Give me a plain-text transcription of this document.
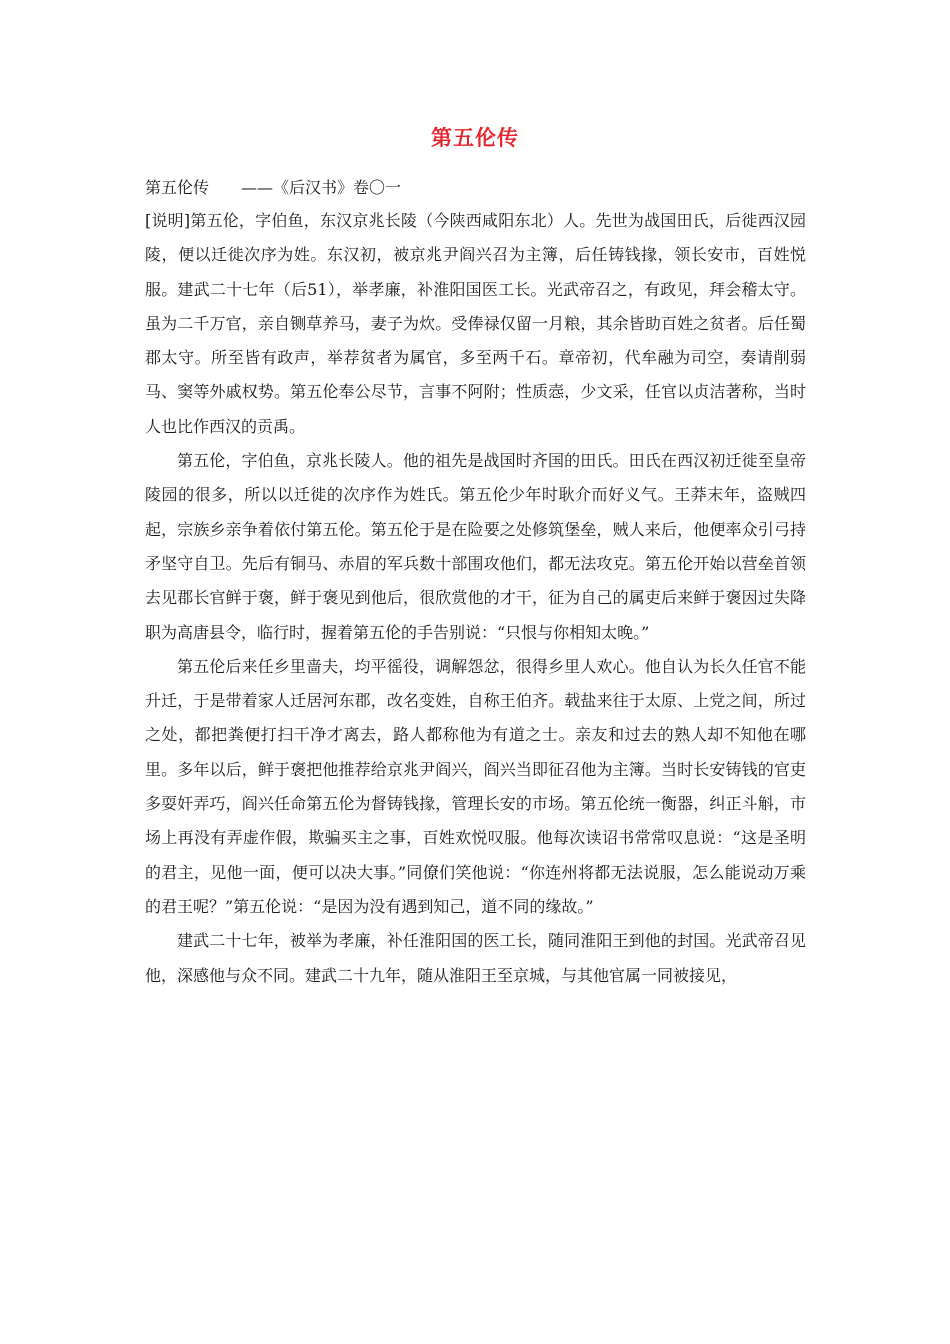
第五伦传
第五伦传　　——《后汉书》卷〇一

[说明]第五伦，字伯鱼，东汉京兆长陵（今陕西咸阳东北）人。先世为战国田氏，后徙西汉园陵，便以迁徙次序为姓。东汉初，被京兆尹阎兴召为主簿，后任铸钱掾，领长安市，百姓悦服。建武二十七年（后51），举孝廉，补淮阳国医工长。光武帝召之，有政见，拜会稽太守。虽为二千万官，亲自铡草养马，妻子为炊。受俸禄仅留一月粮，其余皆助百姓之贫者。后任蜀郡太守。所至皆有政声，举荐贫者为属官，多至两千石。章帝初，代牟融为司空，奏请削弱马、窦等外戚权势。第五伦奉公尽节，言事不阿附；性质悫，少文采，任官以贞洁著称，当时人也比作西汉的贡禹。

第五伦，字伯鱼，京兆长陵人。他的祖先是战国时齐国的田氏。田氏在西汉初迁徙至皇帝陵园的很多，所以以迁徙的次序作为姓氏。第五伦少年时耿介而好义气。王莽末年，盗贼四起，宗族乡亲争着依付第五伦。第五伦于是在险要之处修筑堡垒，贼人来后，他便率众引弓持矛坚守自卫。先后有铜马、赤眉的军兵数十部围攻他们，都无法攻克。第五伦开始以营垒首领去见郡长官鲜于褒，鲜于褒见到他后，很欣赏他的才干，征为自己的属吏后来鲜于褒因过失降职为高唐县令，临行时，握着第五伦的手告别说：“只恨与你相知太晚。”

第五伦后来任乡里啬夫，均平徭役，调解怨忿，很得乡里人欢心。他自认为长久任官不能升迁，于是带着家人迁居河东郡，改名变姓，自称王伯齐。载盐来往于太原、上党之间，所过之处，都把粪便打扫干净才离去，路人都称他为有道之士。亲友和过去的熟人却不知他在哪里。多年以后，鲜于褒把他推荐给京兆尹阎兴，阎兴当即征召他为主簿。当时长安铸钱的官吏多耍奸弄巧，阎兴任命第五伦为督铸钱掾，管理长安的市场。第五伦统一衡器，纠正斗斛，市场上再没有弄虚作假，欺骗买主之事，百姓欢悦叹服。他每次读诏书常常叹息说：“这是圣明的君主，见他一面，便可以决大事。”同僚们笑他说：“你连州将都无法说服，怎么能说动万乘的君王呢？”第五伦说：“是因为没有遇到知己，道不同的缘故。”

建武二十七年，被举为孝廉，补任淮阳国的医工长，随同淮阳王到他的封国。光武帝召见他，深感他与众不同。建武二十九年，随从淮阳王至京城，与其他官属一同被接见，
